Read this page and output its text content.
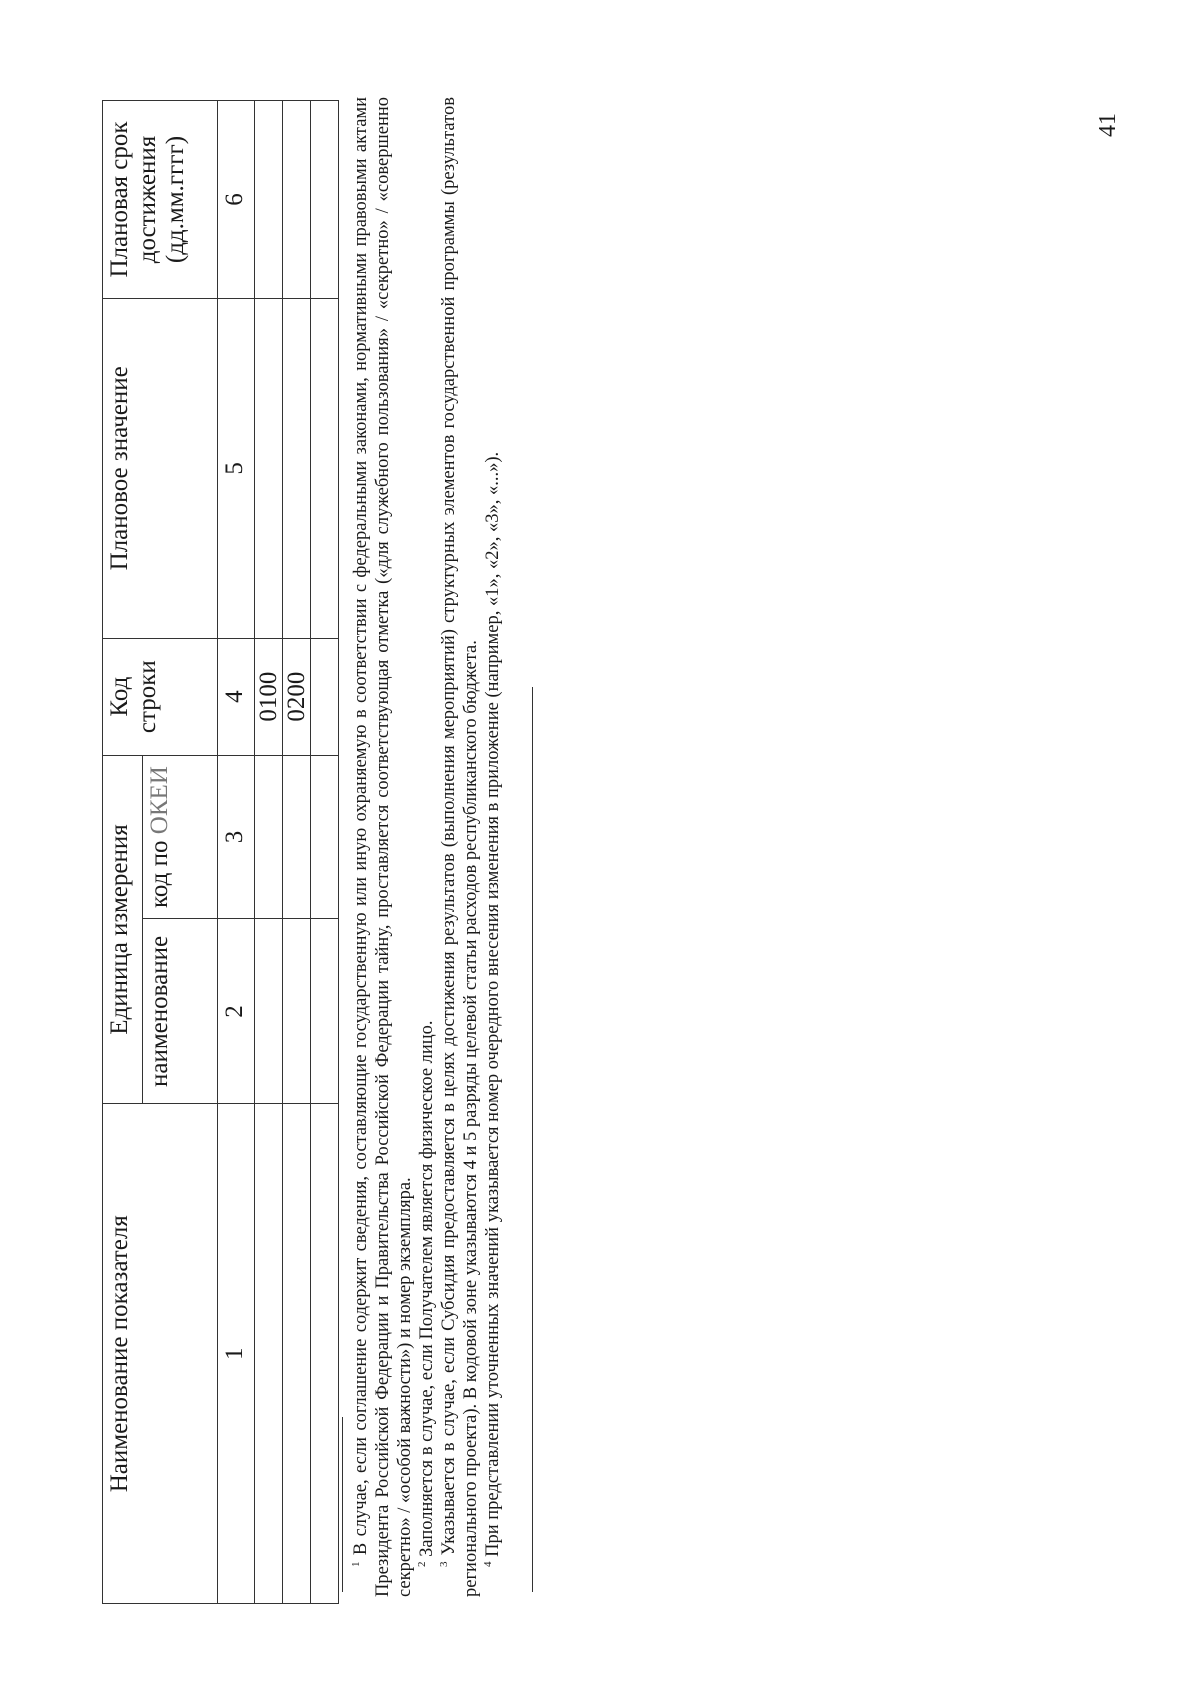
Наименование показателя	Единица измерения		Код строки	Плановое значение	Плановая срок достижения (дд.мм.гггг)
	наименование	код по ОКЕИ			
1	2	3	4	5	6
			0100		
			0200		

$^1$ В случае, если соглашение содержит сведения, составляющие государственную или иную охраняемую в соответствии с федеральными законами, нормативными правовыми актами Президента Российской Федерации и Правительства Российской Федерации тайну, проставляется соответствующая отметка («для служебного пользования» / «секретно» / «совершенно секретно» / «особой важности») и номер экземпляра. $^2$ Заполняется в случае, если Получателем является физическое лицо.

$^3$ Указывается в случае, если Субсидия предоставляется в целях достижения результатов (выполнения мероприятий) структурных элементов государственной программы (результатов регионального проекта). В кодовой зоне указываются 4 и 5 разряды целевой статьи расходов республиканского бюджета. $^4$ При представлении уточненных значений указывается номер очередного внесения изменения в приложение (например, «1», «2», «3», «...»).

41
